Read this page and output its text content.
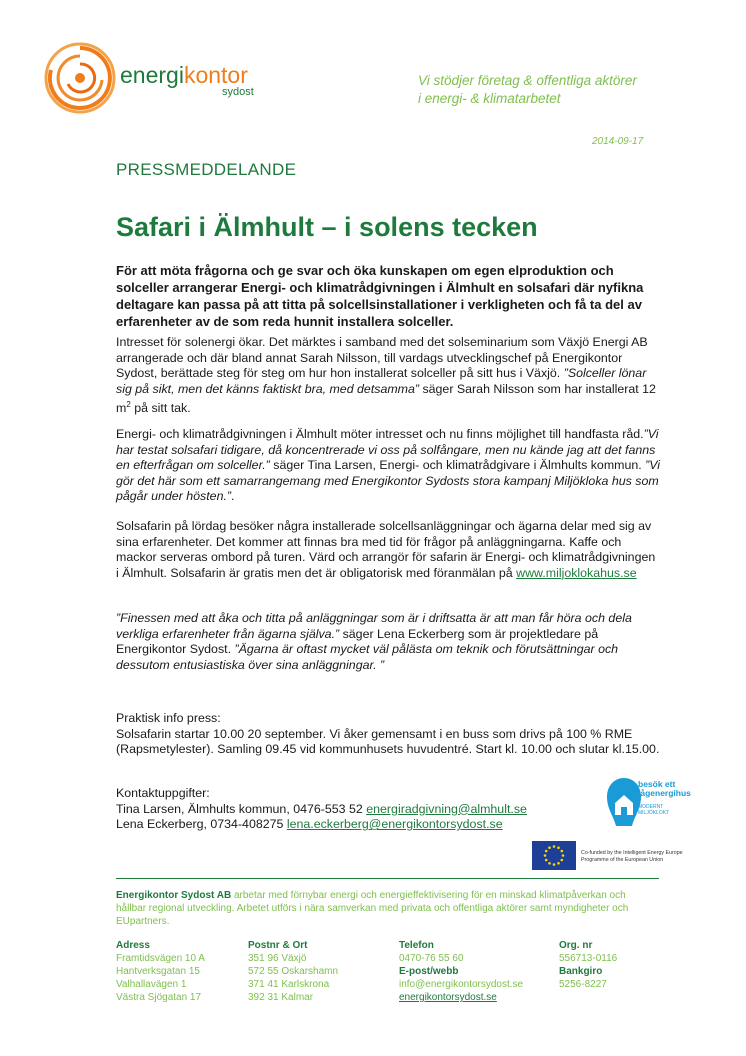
energikontor
sydost
Vi stödjer företag & offentliga aktörer
i energi- & klimatarbetet
2014-09-17
PRESSMEDDELANDE
Safari i Älmhult – i solens tecken
För att möta frågorna och ge svar och öka kunskapen om egen elproduktion och solceller arrangerar Energi- och klimatrådgivningen i Älmhult en solsafari där nyfikna deltagare kan passa på att titta på solcellsinstallationer i verkligheten och få ta del av erfarenheter av de som reda hunnit installera solceller.
Intresset för solenergi ökar. Det märktes i samband med det solseminarium som Växjö Energi AB arrangerade och där bland annat Sarah Nilsson, till vardags utvecklingschef på Energikontor Sydost, berättade steg för steg om hur hon installerat solceller på sitt hus i Växjö. ”Solceller lönar sig på sikt, men det känns faktiskt bra, med detsamma” säger Sarah Nilsson som har installerat 12 $m^2$ på sitt tak.
Energi- och klimatrådgivningen i Älmhult möter intresset och nu finns möjlighet till handfasta råd.”Vi har testat solsafari tidigare, då koncentrerade vi oss på solfångare, men nu kände jag att det fanns en efterfrågan om solceller.” säger Tina Larsen, Energi- och klimatrådgivare i Älmhults kommun. ”Vi gör det här som ett samarrangemang med Energikontor Sydosts stora kampanj Miljökloka hus som pågår under hösten.”.
Solsafarin på lördag besöker några installerade solcellsanläggningar och ägarna delar med sig av sina erfarenheter. Det kommer att finnas bra med tid för frågor på anläggningarna. Kaffe och mackor serveras ombord på turen. Värd och arrangör för safarin är Energi- och klimatrådgivningen i Älmhult. Solsafarin är gratis men det är obligatorisk med föranmälan på www.miljoklokahus.se
”Finessen med att åka och titta på anläggningar som är i driftsatta är att man får höra och dela verkliga erfarenheter från ägarna själva.” säger Lena Eckerberg som är projektledare på Energikontor Sydost. ”Ägarna är oftast mycket väl pålästa om teknik och förutsättningar och dessutom entusiastiska över sina anläggningar. ”
Praktisk info press:
Solsafarin startar 10.00 20 september. Vi åker gemensamt i en buss som drivs på 100 % RME (Rapsmetylester). Samling 09.45 vid kommunhusets huvudentré. Start kl. 10.00 och slutar kl.15.00.
Kontaktuppgifter:
Tina Larsen, Älmhults kommun, 0476-553 52 energiradgivning@almhult.se
Lena Eckerberg, 0734-408275 lena.eckerberg@energikontorsydost.se
besök ett
lågenergihus
MODERNT
MILJÖKLOKT
Co-funded by the Intelligent Energy Europe
Programme of the European Union
Energikontor Sydost AB arbetar med förnybar energi och energieffektivisering för en minskad klimatpåverkan och hållbar regional utveckling. Arbetet utförs i nära samverkan med privata och offentliga aktörer samt myndigheter och EUpartners.
Adress
Framtidsvägen 10 A
Hantverksgatan 15
Valhallavägen 1
Västra Sjögatan 17
Postnr & Ort
351 96 Växjö
572 55 Oskarshamn
371 41 Karlskrona
392 31 Kalmar
Telefon
0470-76 55 60
E-post/webb
info@energikontorsydost.se
energikontorsydost.se
Org. nr
556713-0116
Bankgiro
5256-8227
